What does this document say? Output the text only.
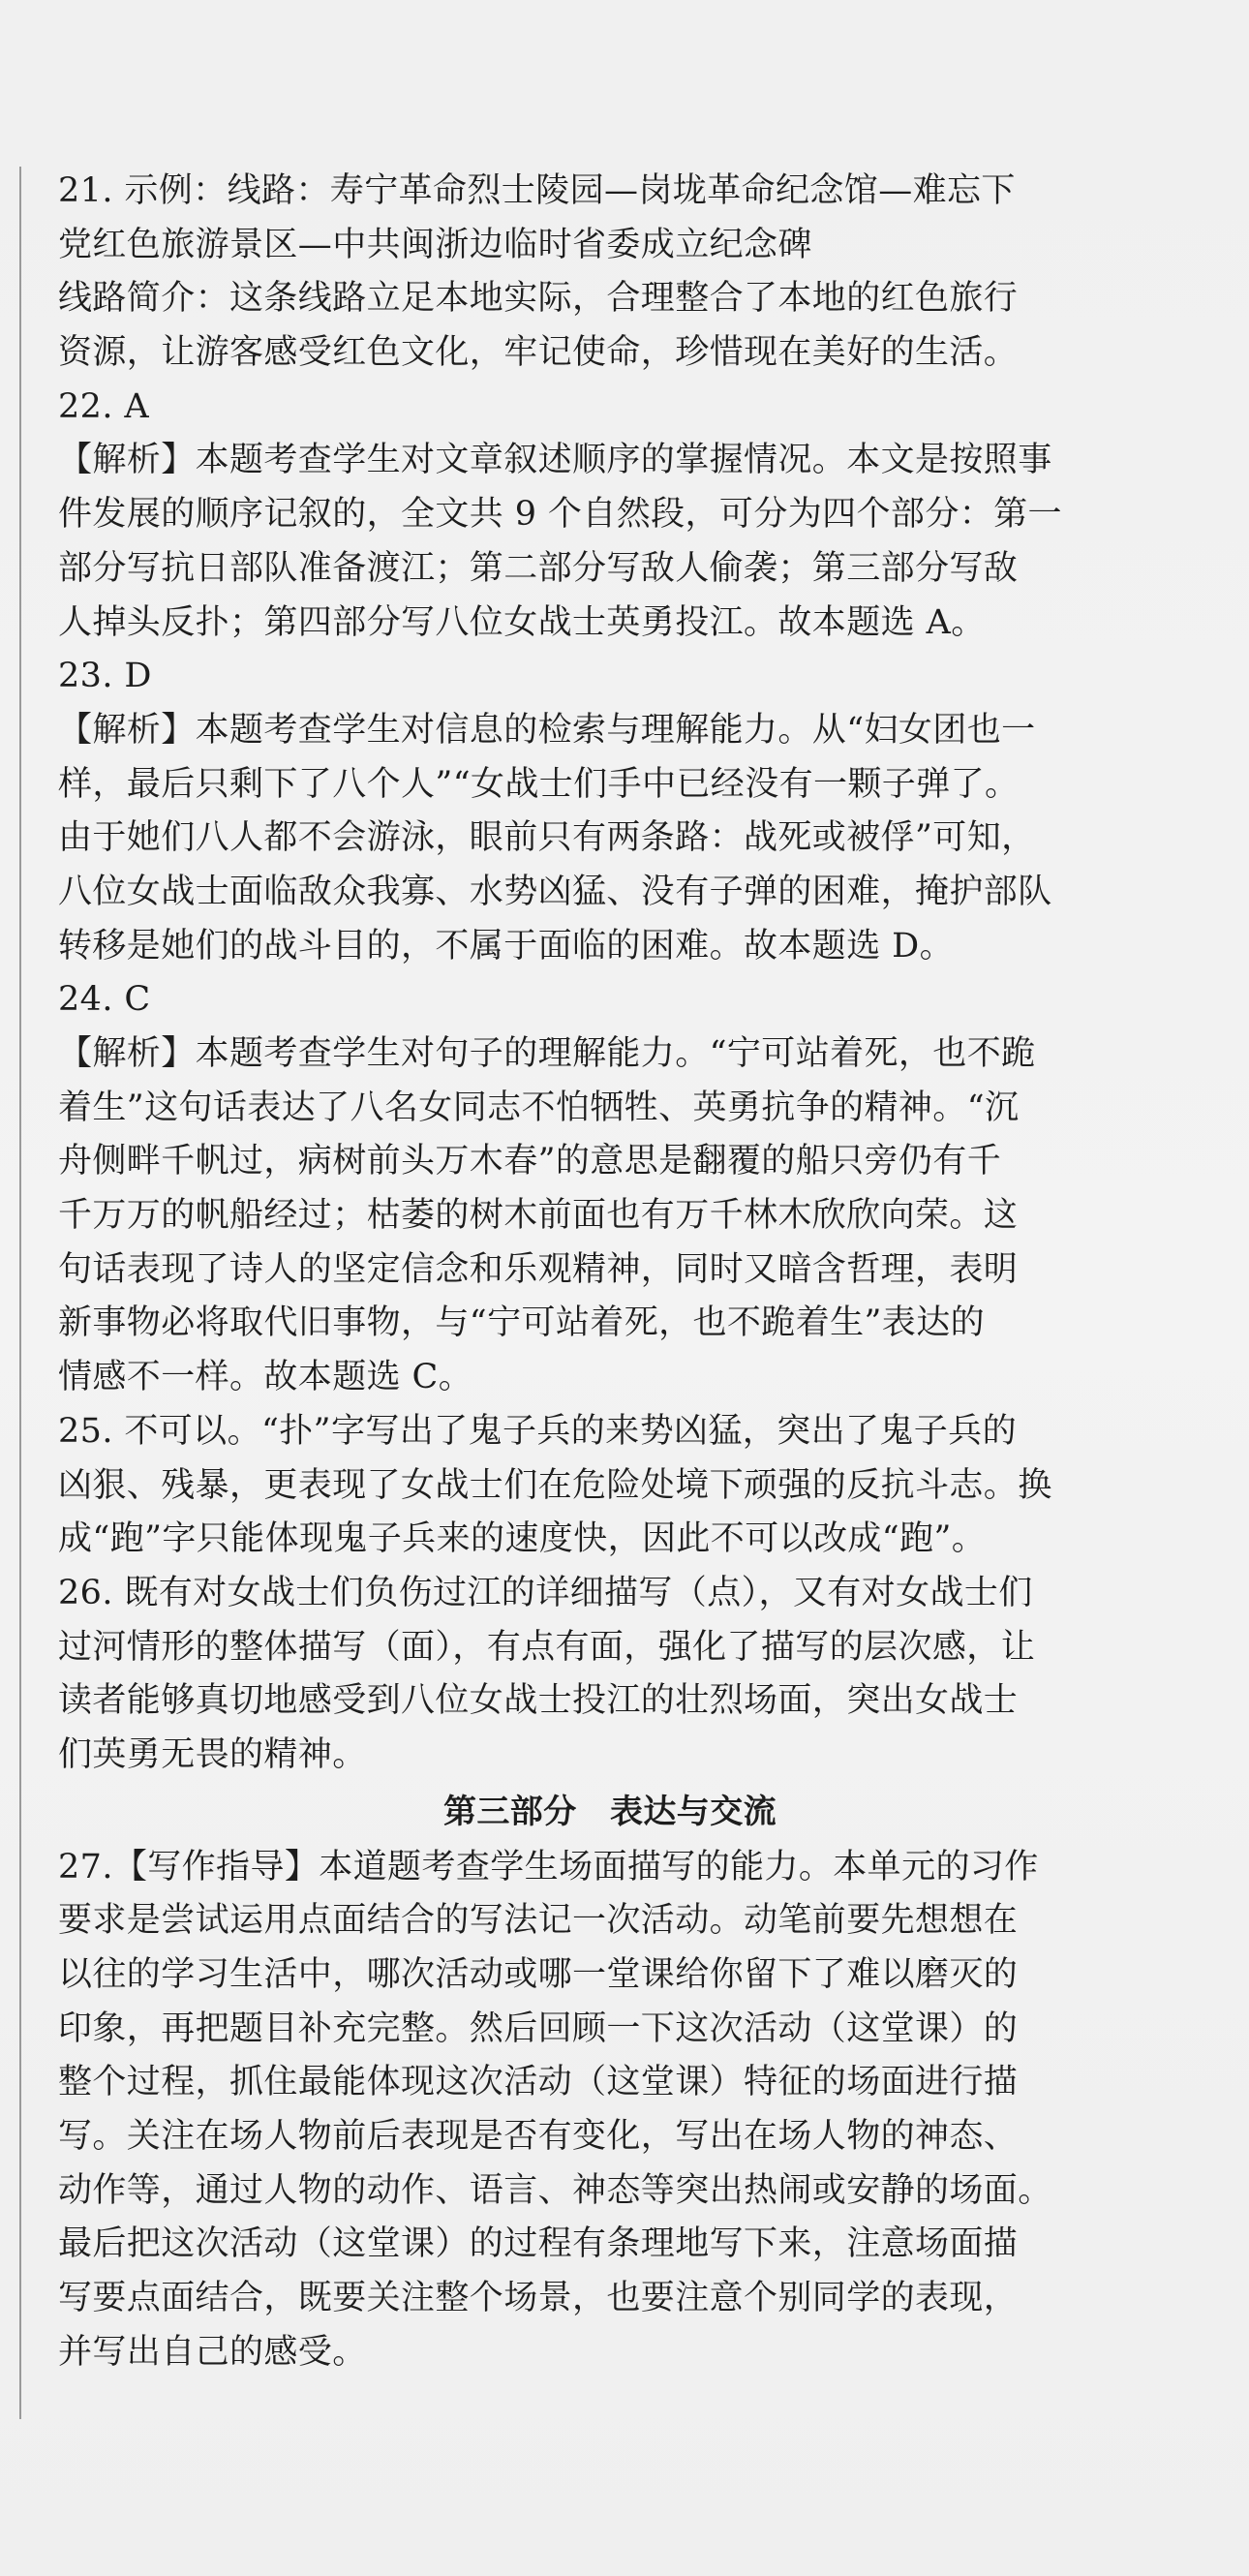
21. 示例：线路：寿宁革命烈士陵园—岗垅革命纪念馆—难忘下
党红色旅游景区—中共闽浙边临时省委成立纪念碑
线路简介：这条线路立足本地实际，合理整合了本地的红色旅行
资源，让游客感受红色文化，牢记使命，珍惜现在美好的生活。
22. A
【解析】本题考查学生对文章叙述顺序的掌握情况。本文是按照事
件发展的顺序记叙的，全文共 9 个自然段，可分为四个部分：第一
部分写抗日部队准备渡江；第二部分写敌人偷袭；第三部分写敌
人掉头反扑；第四部分写八位女战士英勇投江。故本题选 A。
23. D
【解析】本题考查学生对信息的检索与理解能力。从“妇女团也一
样，最后只剩下了八个人”“女战士们手中已经没有一颗子弹了。
由于她们八人都不会游泳，眼前只有两条路：战死或被俘”可知，
八位女战士面临敌众我寡、水势凶猛、没有子弹的困难，掩护部队
转移是她们的战斗目的，不属于面临的困难。故本题选 D。
24. C
【解析】本题考查学生对句子的理解能力。“宁可站着死，也不跪
着生”这句话表达了八名女同志不怕牺牲、英勇抗争的精神。“沉
舟侧畔千帆过，病树前头万木春”的意思是翻覆的船只旁仍有千
千万万的帆船经过；枯萎的树木前面也有万千林木欣欣向荣。这
句话表现了诗人的坚定信念和乐观精神，同时又暗含哲理，表明
新事物必将取代旧事物，与“宁可站着死，也不跪着生”表达的
情感不一样。故本题选 C。
25. 不可以。“扑”字写出了鬼子兵的来势凶猛，突出了鬼子兵的
凶狠、残暴，更表现了女战士们在危险处境下顽强的反抗斗志。换
成“跑”字只能体现鬼子兵来的速度快，因此不可以改成“跑”。
26. 既有对女战士们负伤过江的详细描写（点），又有对女战士们
过河情形的整体描写（面），有点有面，强化了描写的层次感，让
读者能够真切地感受到八位女战士投江的壮烈场面，突出女战士
们英勇无畏的精神。
第三部分　表达与交流
27.【写作指导】本道题考查学生场面描写的能力。本单元的习作
要求是尝试运用点面结合的写法记一次活动。动笔前要先想想在
以往的学习生活中，哪次活动或哪一堂课给你留下了难以磨灭的
印象，再把题目补充完整。然后回顾一下这次活动（这堂课）的
整个过程，抓住最能体现这次活动（这堂课）特征的场面进行描
写。关注在场人物前后表现是否有变化，写出在场人物的神态、
动作等，通过人物的动作、语言、神态等突出热闹或安静的场面。
最后把这次活动（这堂课）的过程有条理地写下来，注意场面描
写要点面结合，既要关注整个场景，也要注意个别同学的表现，
并写出自己的感受。
